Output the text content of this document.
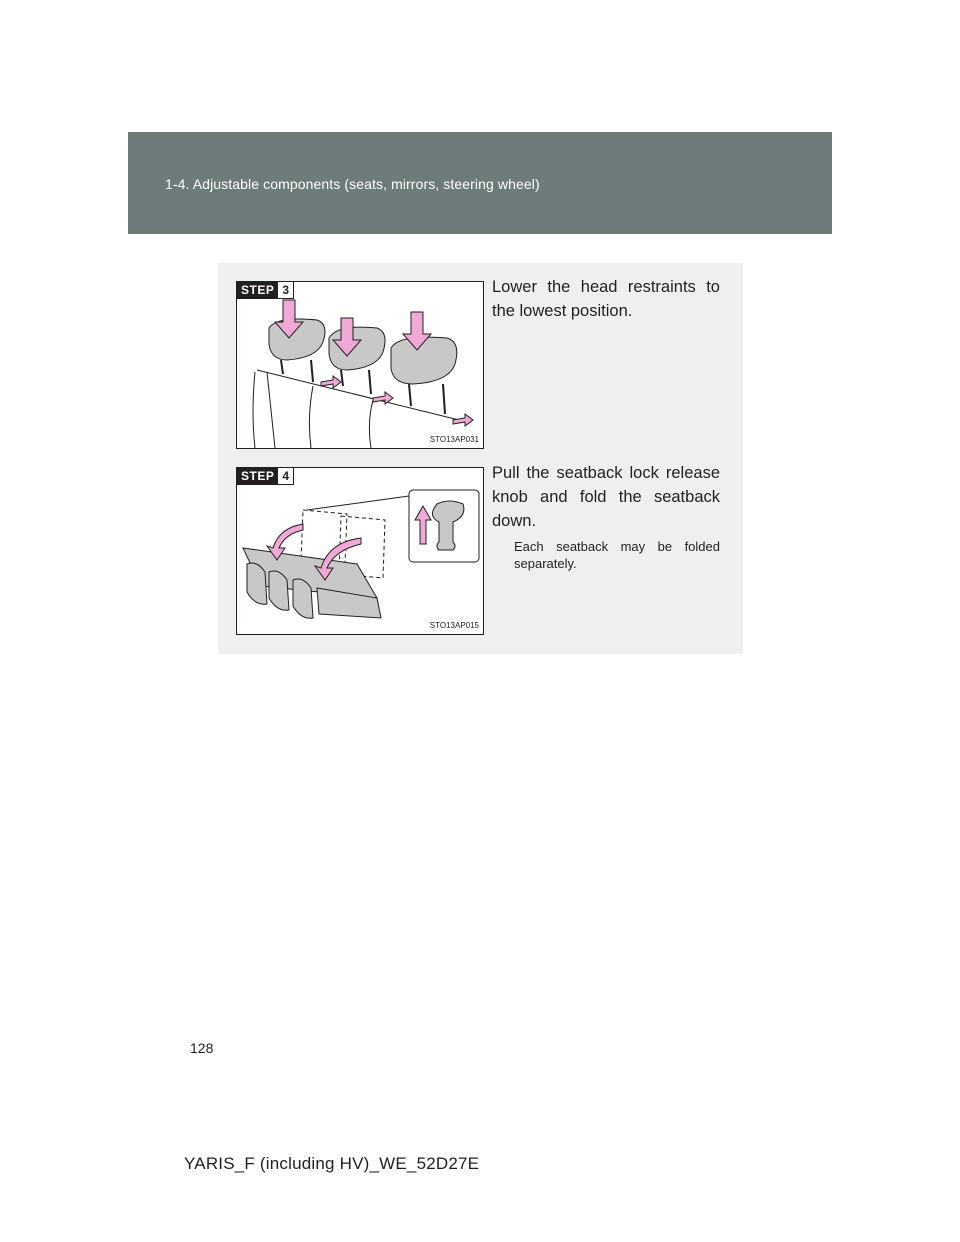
1-4. Adjustable components (seats, mirrors, steering wheel)
STEP 3
STO13AP031
Lower the head restraints to the lowest position.
STEP 4
STO13AP015
Pull the seatback lock release knob and fold the seatback down.
Each seatback may be folded separately.
128
YARIS_F (including HV)_WE_52D27E
